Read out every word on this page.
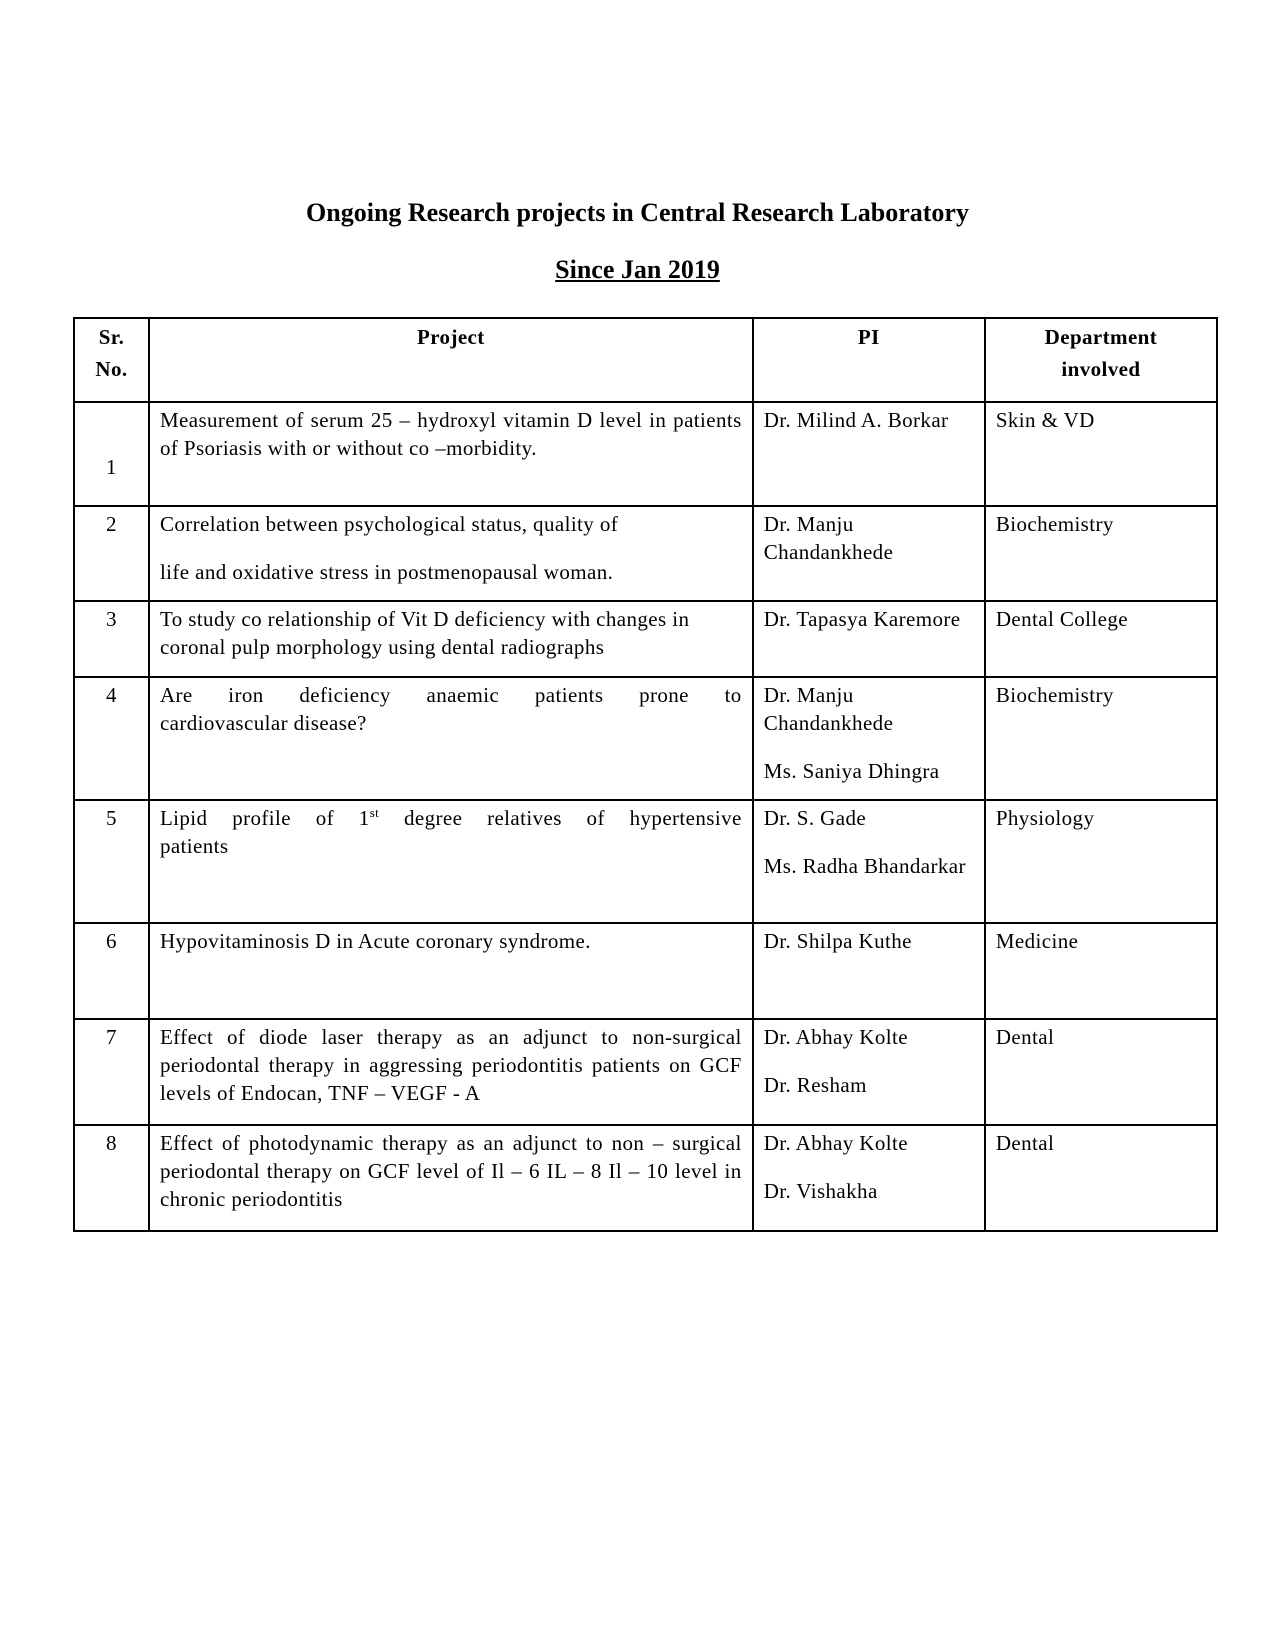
Ongoing Research projects in Central Research Laboratory
Since Jan 2019
Sr. No.	Project	PI	Department involved
1	Measurement of serum 25 – hydroxyl vitamin D level in patients of Psoriasis with or without co –morbidity.	Dr. Milind A. Borkar	Skin & VD
2	Correlation between psychological status, quality of
life and oxidative stress in postmenopausal woman.	Dr. Manju Chandankhede	Biochemistry
3	To study co relationship of Vit D deficiency with changes in coronal pulp morphology using dental radiographs	Dr. Tapasya Karemore	Dental College
4	Are iron deficiency anaemic patients prone to
cardiovascular disease?	Dr. Manju Chandankhede
Ms. Saniya Dhingra	Biochemistry
5	Lipid profile of 1st degree relatives of hypertensive
patients	Dr. S. Gade
Ms. Radha Bhandarkar	Physiology
6	Hypovitaminosis D in Acute coronary syndrome.	Dr. Shilpa Kuthe	Medicine
7	Effect of diode laser therapy as an adjunct to non-surgical periodontal therapy in aggressing periodontitis patients on GCF levels of Endocan, TNF – VEGF - A	Dr. Abhay Kolte
Dr. Resham	Dental
8	Effect of photodynamic therapy as an adjunct to non – surgical periodontal therapy on GCF level of Il – 6 IL – 8 Il – 10 level in chronic periodontitis	Dr. Abhay Kolte
Dr. Vishakha	Dental
